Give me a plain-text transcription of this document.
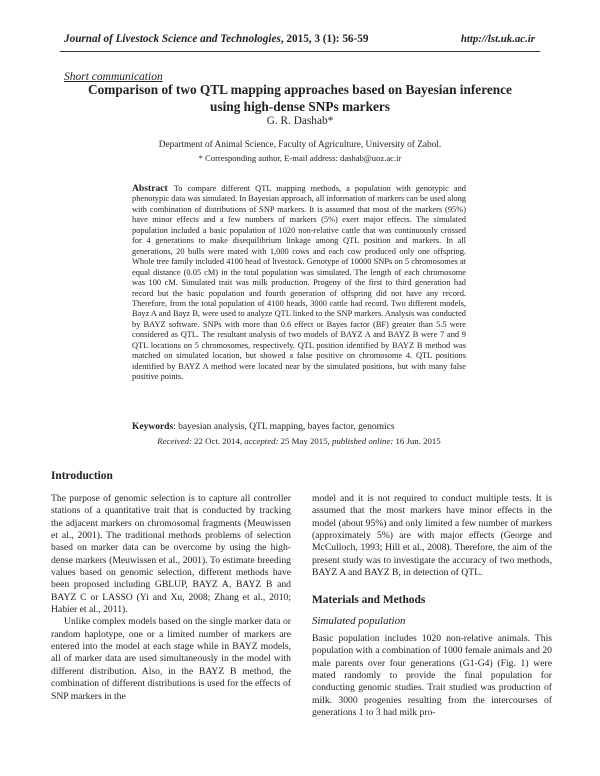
Journal of Livestock Science and Technologies, 2015, 3 (1): 56-59	http://lst.uk.ac.ir
Short communication
Comparison of two QTL mapping approaches based on Bayesian inference
using high-dense SNPs markers
G. R. Dashab*
Department of Animal Science, Faculty of Agriculture, University of Zabol.
* Corresponding author, E-mail address: dashab@uoz.ac.ir
Abstract To compare different QTL mapping methods, a population with genotypic and phenotypic data was simulated. In Bayesian approach, all information of markers can be used along with combination of distributions of SNP markers. It is assumed that most of the markers (95%) have minor effects and a few numbers of markers (5%) exert major effects. The simulated population included a basic population of 1020 non-relative cattle that was continuously crossed for 4 generations to make disequilibrium linkage among QTL position and markers. In all generations, 20 bulls were mated with 1,000 cows and each cow produced only one offspring. Whole tree family included 4100 head of livestock. Genotype of 10000 SNPs on 5 chromosomes at equal distance (0.05 cM) in the total population was simulated. The length of each chromosome was 100 cM. Simulated trait was milk production. Progeny of the first to third generation had record but the basic population and fourth generation of offspring did not have any record. Therefore, from the total population of 4100 heads, 3000 cattle had record. Two different models, Bayz A and Bayz B, were used to analyze QTL linked to the SNP markers. Analysis was conducted by BAYZ software. SNPs with more than 0.6 effect or Bayes factor (BF) greater than 5.5 were considered as QTL. The resultant analysis of two models of BAYZ A and BAYZ B were 7 and 9 QTL locations on 5 chromosomes, respectively. QTL position identified by BAYZ B method was matched on simulated location, but showed a false positive on chromosome 4. QTL positions identified by BAYZ A method were located near by the simulated positions, but with many false positive points.
Keywords: bayesian analysis, QTL mapping, bayes factor, genomics
Received: 22 Oct. 2014, accepted: 25 May 2015, published online: 16 Jun. 2015
Introduction

The purpose of genomic selection is to capture all controller stations of a quantitative trait that is conducted by tracking the adjacent markers on chromosomal fragments (Meuwissen et al., 2001). The traditional methods problems of selection based on marker data can be overcome by using the high-dense markers (Meuwissen et al., 2001). To estimate breeding values based on genomic selection, different methods have been proposed including GBLUP, BAYZ A, BAYZ B and BAYZ C or LASSO (Yi and Xu, 2008; Zhang et al., 2010; Habier et al., 2011).

Unlike complex models based on the single marker data or random haplotype, one or a limited number of markers are entered into the model at each stage while in BAYZ models, all of marker data are used simultaneously in the model with different distribution. Also, in the BAYZ B method, the combination of different distributions is used for the effects of SNP markers in the

model and it is not required to conduct multiple tests. It is assumed that the most markers have minor effects in the model (about 95%) and only limited a few number of markers (approximately 5%) are with major effects (George and McCulloch, 1993; Hill et al., 2008). Therefore, the aim of the present study was to investigate the accuracy of two methods, BAYZ A and BAYZ B, in detection of QTL.

Materials and Methods
Simulated population

Basic population includes 1020 non-relative animals. This population with a combination of 1000 female animals and 20 male parents over four generations (G1-G4) (Fig. 1) were mated randomly to provide the final population for conducting genomic studies. Trait studied was production of milk. 3000 progenies resulting from the intercourses of generations 1 to 3 had milk pro-
